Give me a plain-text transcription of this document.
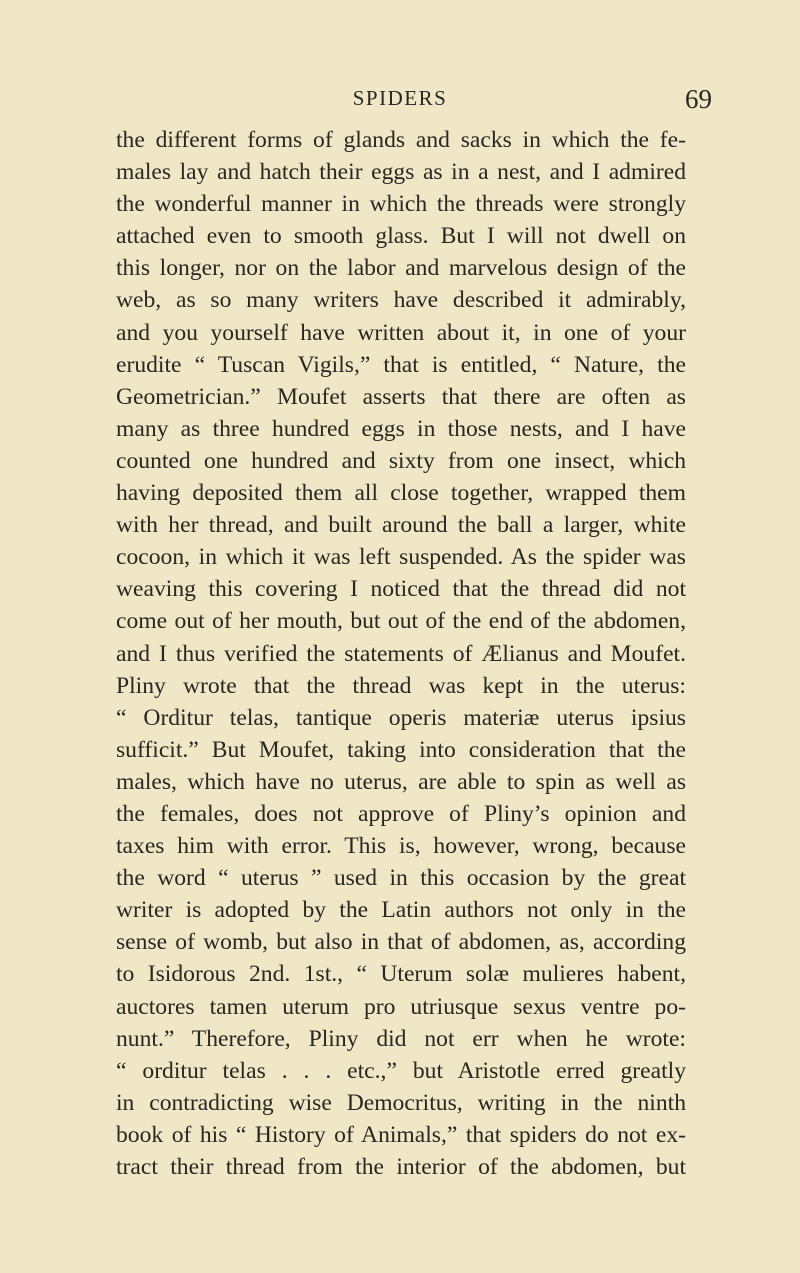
SPIDERS	69
the different forms of glands and sacks in which the fe-
males lay and hatch their eggs as in a nest, and I admired
the wonderful manner in which the threads were strongly
attached even to smooth glass. But I will not dwell on
this longer, nor on the labor and marvelous design of the
web, as so many writers have described it admirably,
and you yourself have written about it, in one of your
erudite “ Tuscan Vigils,” that is entitled, “ Nature, the
Geometrician.” Moufet asserts that there are often as
many as three hundred eggs in those nests, and I have
counted one hundred and sixty from one insect, which
having deposited them all close together, wrapped them
with her thread, and built around the ball a larger, white
cocoon, in which it was left suspended. As the spider was
weaving this covering I noticed that the thread did not
come out of her mouth, but out of the end of the abdomen,
and I thus verified the statements of Ælianus and Moufet.
Pliny wrote that the thread was kept in the uterus:
“ Orditur telas, tantique operis materiæ uterus ipsius
sufficit.” But Moufet, taking into consideration that the
males, which have no uterus, are able to spin as well as
the females, does not approve of Pliny’s opinion and
taxes him with error. This is, however, wrong, because
the word “ uterus ” used in this occasion by the great
writer is adopted by the Latin authors not only in the
sense of womb, but also in that of abdomen, as, according
to Isidorous 2nd. 1st., “ Uterum solæ mulieres habent,
auctores tamen uterum pro utriusque sexus ventre po-
nunt.” Therefore, Pliny did not err when he wrote:
“ orditur telas . . . etc.,” but Aristotle erred greatly
in contradicting wise Democritus, writing in the ninth
book of his “ History of Animals,” that spiders do not ex-
tract their thread from the interior of the abdomen, but
